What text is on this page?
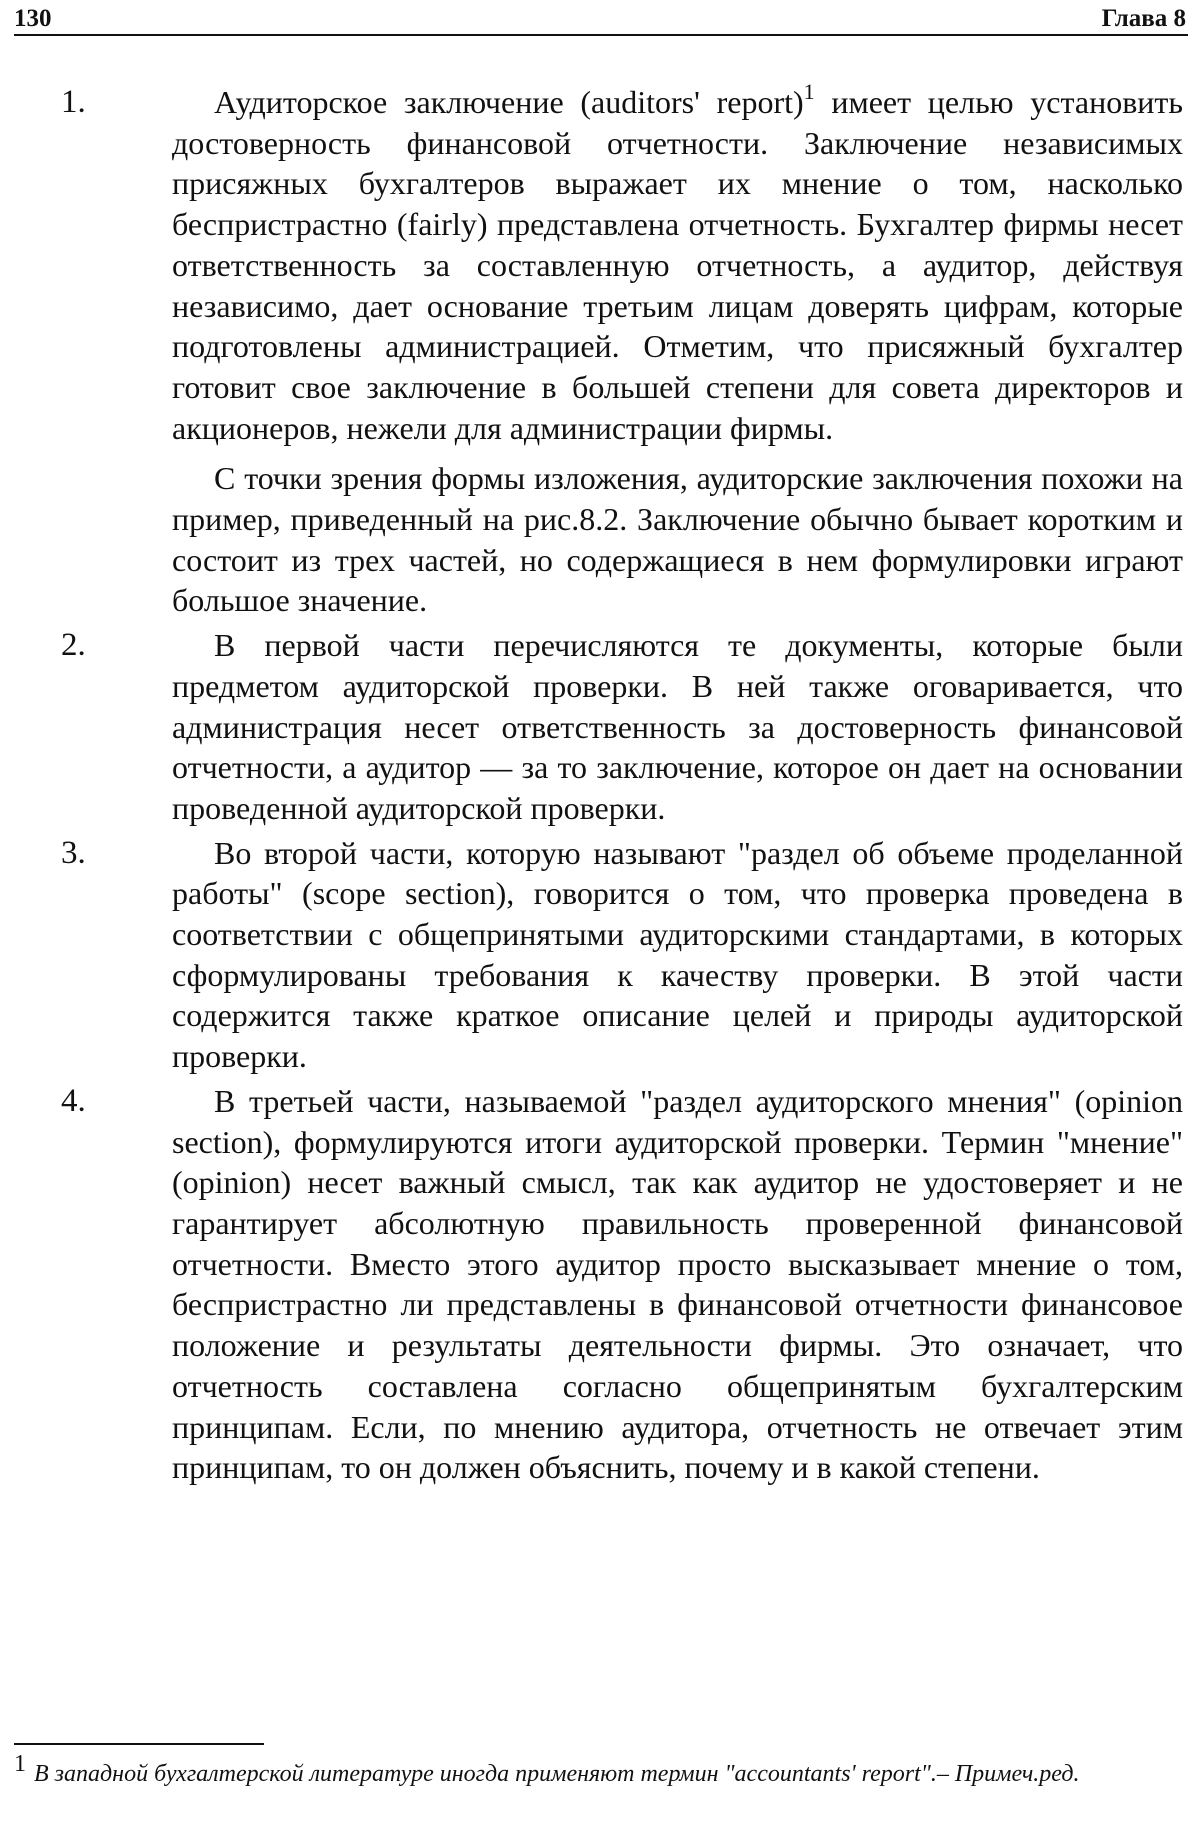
130	Глава 8
1.	Аудиторское заключение (auditors' report)$^1$ имеет целью установить достоверность финансовой отчетности. Заключение независимых присяжных бухгалтеров выражает их мнение о том, насколько беспристрастно (fairly) представлена отчетность. Бухгалтер фирмы несет ответственность за составленную отчетность, а аудитор, действуя независимо, дает основание третьим лицам доверять цифрам, которые подготовлены администрацией. Отметим, что присяжный бухгалтер готовит свое заключение в большей степени для совета директоров и акционеров, нежели для администрации фирмы.

С точки зрения формы изложения, аудиторские заключения похожи на пример, приведенный на рис.8.2. Заключение обычно бывает коротким и состоит из трех частей, но содержащиеся в нем формулировки играют большое значение.

2.	В первой части перечисляются те документы, которые были предметом аудиторской проверки. В ней также оговаривается, что администрация несет ответственность за достоверность финансовой отчетности, а аудитор — за то заключение, которое он дает на основании проведенной аудиторской проверки.

3.	Во второй части, которую называют "раздел об объеме проделанной работы" (scope section), говорится о том, что проверка проведена в соответствии с общепринятыми аудиторскими стандартами, в которых сформулированы требования к качеству проверки. В этой части содержится также краткое описание целей и природы аудиторской проверки.

4.	В третьей части, называемой "раздел аудиторского мнения" (opinion section), формулируются итоги аудиторской проверки. Термин "мнение" (opinion) несет важный смысл, так как аудитор не удостоверяет и не гарантирует абсолютную правильность проверенной финансовой отчетности. Вместо этого аудитор просто высказывает мнение о том, беспристрастно ли представлены в финансовой отчетности финансовое положение и результаты деятельности фирмы. Это означает, что отчетность составлена согласно общепринятым бухгалтерским принципам. Если, по мнению аудитора, отчетность не отвечает этим принципам, то он должен объяснить, почему и в какой степени.

1 В западной бухгалтерской литературе иногда применяют термин "accountants' report".– Примеч.ред.
